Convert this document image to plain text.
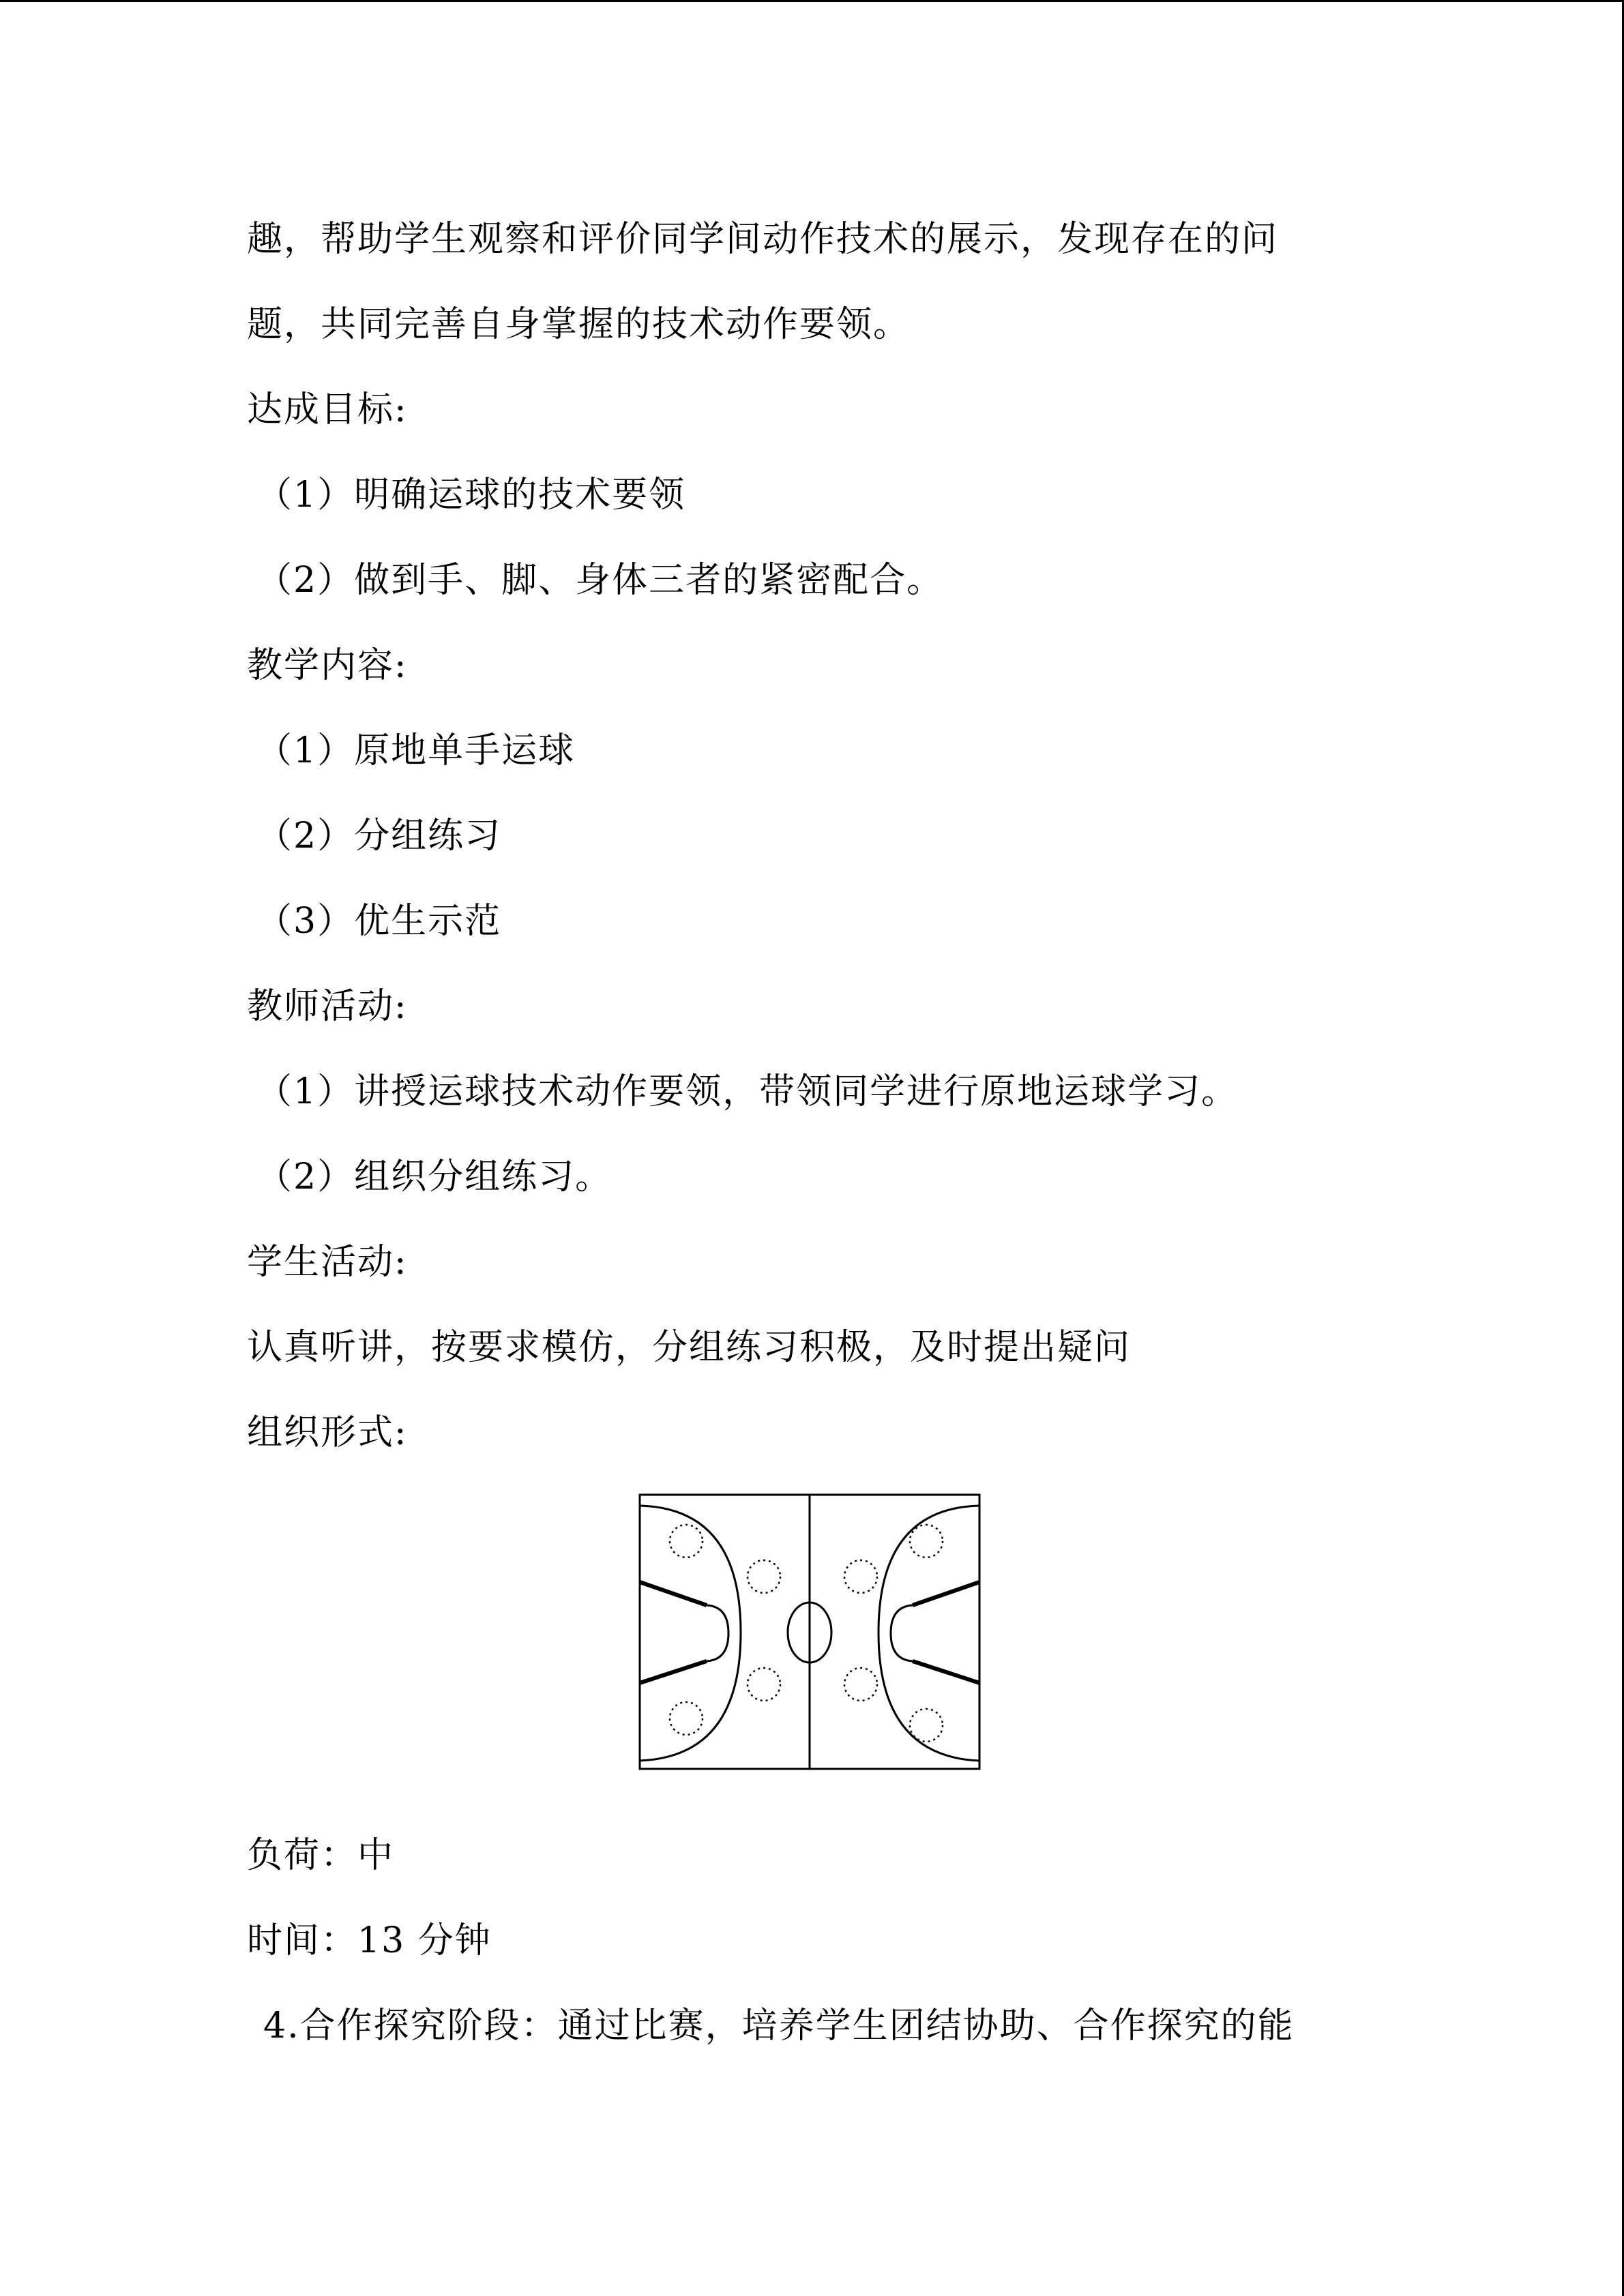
趣，帮助学生观察和评价同学间动作技术的展示，发现存在的问
题，共同完善自身掌握的技术动作要领。
达成目标:
（1）明确运球的技术要领
（2）做到手、脚、身体三者的紧密配合。
教学内容:
（1）原地单手运球
（2）分组练习
（3）优生示范
教师活动:
（1）讲授运球技术动作要领，带领同学进行原地运球学习。
（2）组织分组练习。
学生活动:
认真听讲，按要求模仿，分组练习积极，及时提出疑问
组织形式:
负荷：中
时间：13 分钟
4.合作探究阶段：通过比赛，培养学生团结协助、合作探究的能
